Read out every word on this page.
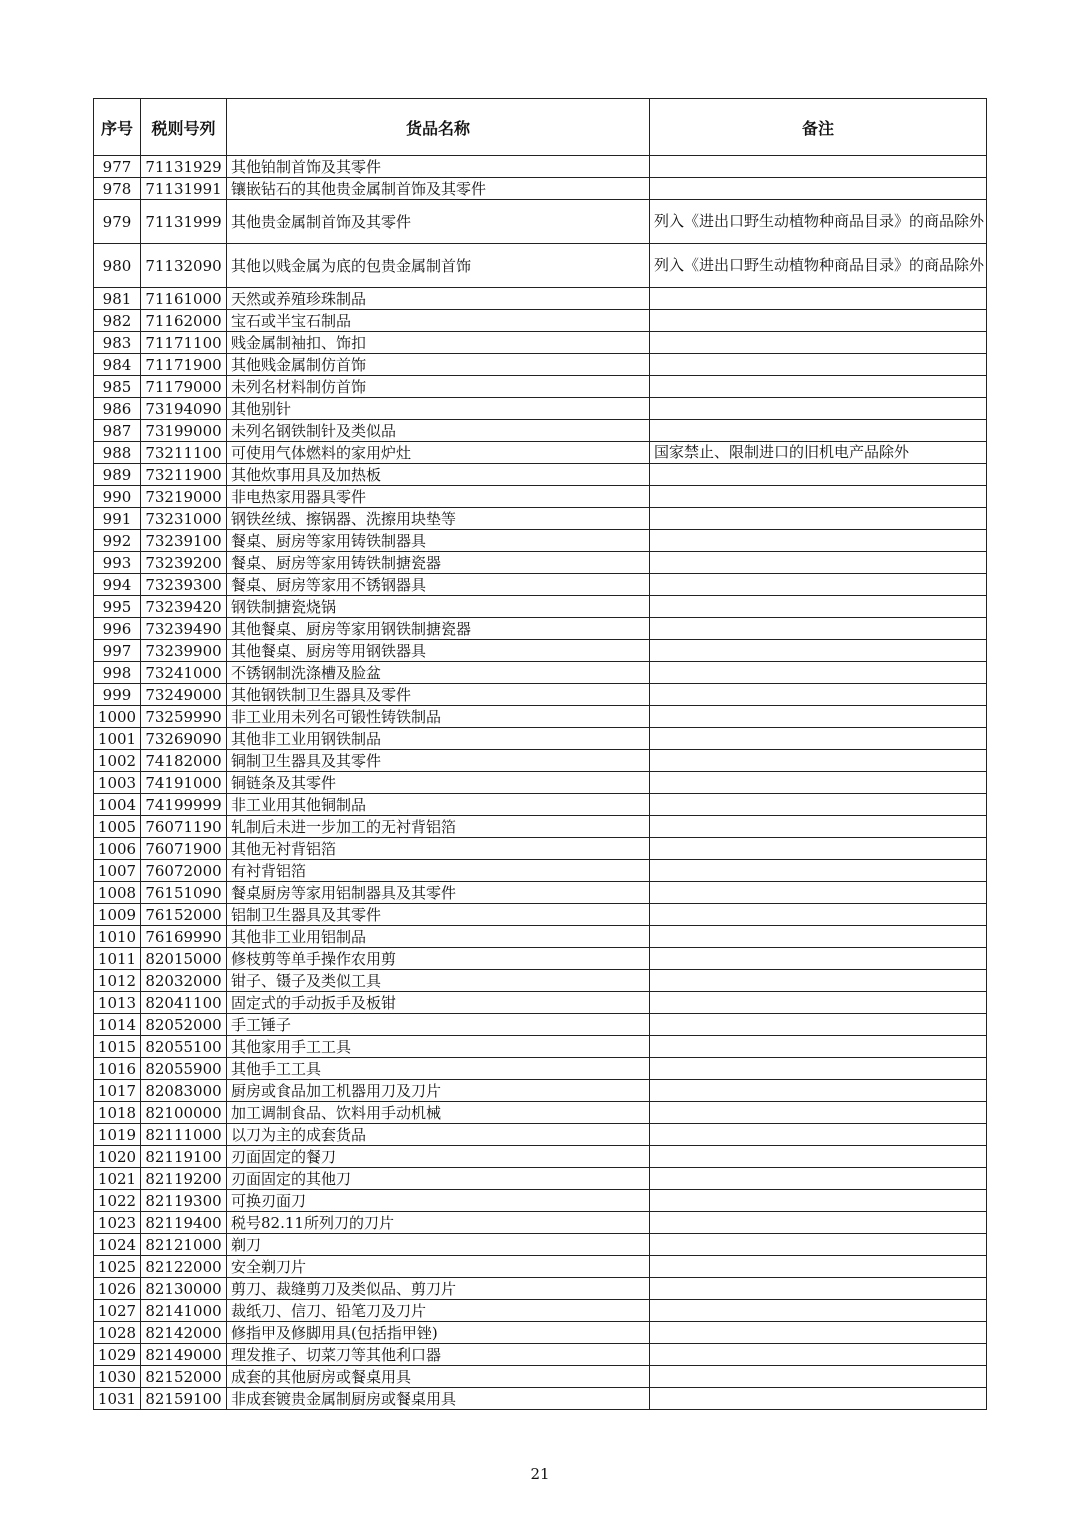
序号	税则号列	货品名称	备注
977	71131929	其他铂制首饰及其零件	
978	71131991	镶嵌钻石的其他贵金属制首饰及其零件	
979	71131999	其他贵金属制首饰及其零件	列入《进出口野生动植物种商品目录》的商品除外
980	71132090	其他以贱金属为底的包贵金属制首饰	列入《进出口野生动植物种商品目录》的商品除外
981	71161000	天然或养殖珍珠制品	
982	71162000	宝石或半宝石制品	
983	71171100	贱金属制袖扣、饰扣	
984	71171900	其他贱金属制仿首饰	
985	71179000	未列名材料制仿首饰	
986	73194090	其他别针	
987	73199000	未列名钢铁制针及类似品	
988	73211100	可使用气体燃料的家用炉灶	国家禁止、限制进口的旧机电产品除外
989	73211900	其他炊事用具及加热板	
990	73219000	非电热家用器具零件	
991	73231000	钢铁丝绒、擦锅器、洗擦用块垫等	
992	73239100	餐桌、厨房等家用铸铁制器具	
993	73239200	餐桌、厨房等家用铸铁制搪瓷器	
994	73239300	餐桌、厨房等家用不锈钢器具	
995	73239420	钢铁制搪瓷烧锅	
996	73239490	其他餐桌、厨房等家用钢铁制搪瓷器	
997	73239900	其他餐桌、厨房等用钢铁器具	
998	73241000	不锈钢制洗涤槽及脸盆	
999	73249000	其他钢铁制卫生器具及零件	
1000	73259990	非工业用未列名可锻性铸铁制品	
1001	73269090	其他非工业用钢铁制品	
1002	74182000	铜制卫生器具及其零件	
1003	74191000	铜链条及其零件	
1004	74199999	非工业用其他铜制品	
1005	76071190	轧制后未进一步加工的无衬背铝箔	
1006	76071900	其他无衬背铝箔	
1007	76072000	有衬背铝箔	
1008	76151090	餐桌厨房等家用铝制器具及其零件	
1009	76152000	铝制卫生器具及其零件	
1010	76169990	其他非工业用铝制品	
1011	82015000	修枝剪等单手操作农用剪	
1012	82032000	钳子、镊子及类似工具	
1013	82041100	固定式的手动扳手及板钳	
1014	82052000	手工锤子	
1015	82055100	其他家用手工工具	
1016	82055900	其他手工工具	
1017	82083000	厨房或食品加工机器用刀及刀片	
1018	82100000	加工调制食品、饮料用手动机械	
1019	82111000	以刀为主的成套货品	
1020	82119100	刃面固定的餐刀	
1021	82119200	刃面固定的其他刀	
1022	82119300	可换刃面刀	
1023	82119400	税号82.11所列刀的刀片	
1024	82121000	剃刀	
1025	82122000	安全剃刀片	
1026	82130000	剪刀、裁缝剪刀及类似品、剪刀片	
1027	82141000	裁纸刀、信刀、铅笔刀及刀片	
1028	82142000	修指甲及修脚用具(包括指甲锉)	
1029	82149000	理发推子、切菜刀等其他利口器	
1030	82152000	成套的其他厨房或餐桌用具	
1031	82159100	非成套镀贵金属制厨房或餐桌用具	
21
